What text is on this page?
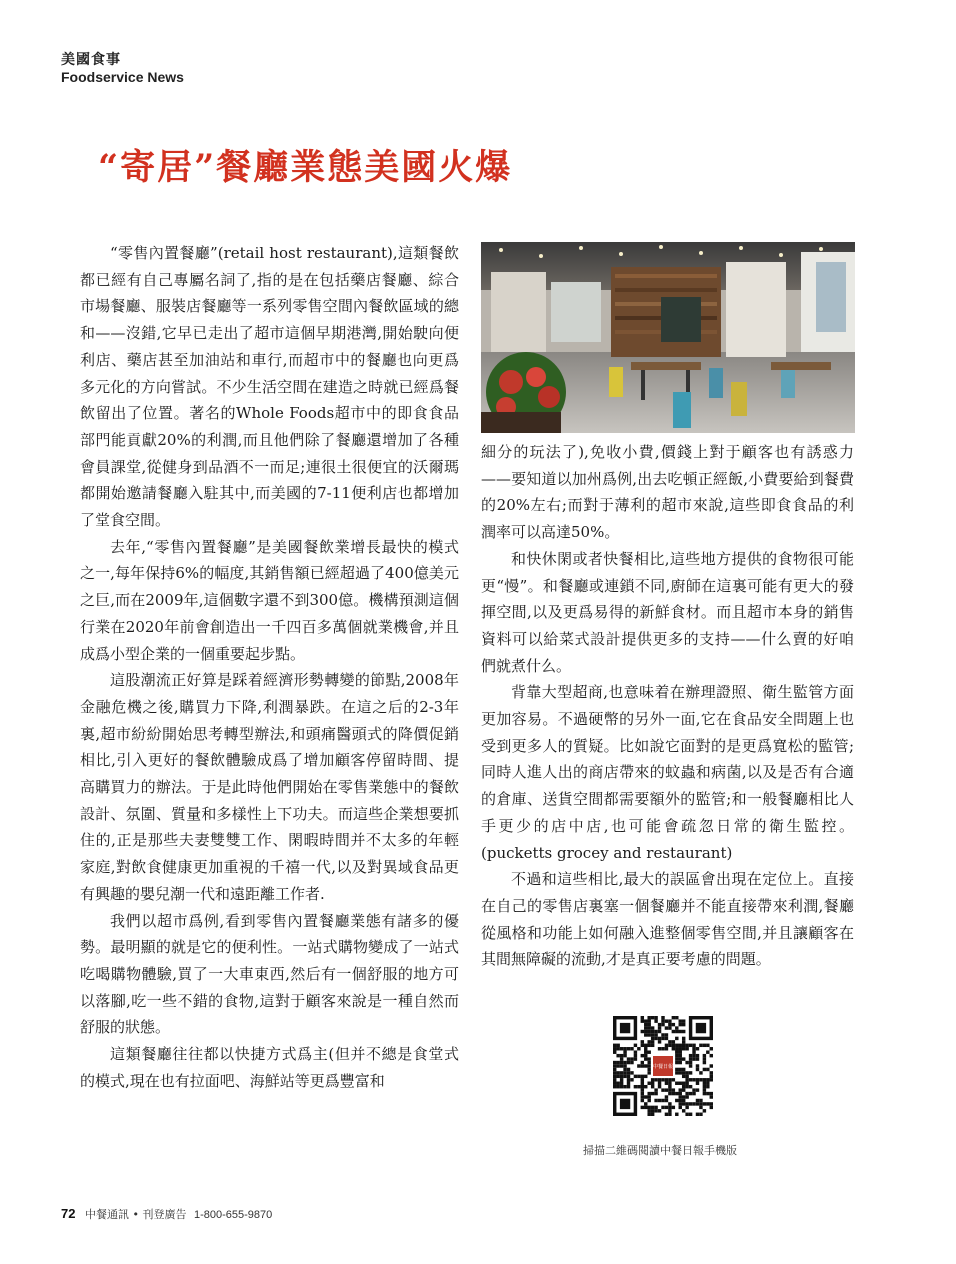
美國食事
Foodservice News
“寄居”餐廳業態美國火爆

“零售內置餐廳”(retail host restaurant),這類餐飲都已經有自己專屬名詞了,指的是在包括藥店餐廳、綜合市場餐廳、服裝店餐廳等一系列零售空間內餐飲區域的總和——沒錯,它早已走出了超市這個早期港灣,開始駛向便利店、藥店甚至加油站和車行,而超市中的餐廳也向更爲多元化的方向嘗試。不少生活空間在建造之時就已經爲餐飲留出了位置。著名的Whole Foods超市中的即食食品部門能貢獻20%的利潤,而且他們除了餐廳還增加了各種會員課堂,從健身到品酒不一而足;連很土很便宜的沃爾瑪都開始邀請餐廳入駐其中,而美國的7-11便利店也都增加了堂食空間。

去年,“零售內置餐廳”是美國餐飲業增長最快的模式之一,每年保持6%的幅度,其銷售額已經超過了400億美元之巨,而在2009年,這個數字還不到300億。機構預測這個行業在2020年前會創造出一千四百多萬個就業機會,并且成爲小型企業的一個重要起步點。

這股潮流正好算是踩着經濟形勢轉變的節點,2008年金融危機之後,購買力下降,利潤暴跌。在這之后的2-3年裏,超市紛紛開始思考轉型辦法,和頭痛醫頭式的降價促銷相比,引入更好的餐飲體驗成爲了增加顧客停留時間、提高購買力的辦法。于是此時他們開始在零售業態中的餐飲設計、氛圍、質量和多樣性上下功夫。而這些企業想要抓住的,正是那些夫妻雙雙工作、閑暇時間并不太多的年輕家庭,對飲食健康更加重視的千禧一代,以及對異域食品更有興趣的嬰兒潮一代和遠距離工作者.

我們以超市爲例,看到零售內置餐廳業態有諸多的優勢。最明顯的就是它的便利性。一站式購物變成了一站式吃喝購物體驗,買了一大車東西,然后有一個舒服的地方可以落腳,吃一些不錯的食物,這對于顧客來說是一種自然而舒服的狀態。

這類餐廳往往都以快捷方式爲主(但并不總是食堂式的模式,現在也有拉面吧、海鮮站等更爲豐富和

細分的玩法了),免收小費,價錢上對于顧客也有誘惑力——要知道以加州爲例,出去吃頓正經飯,小費要給到餐費的20%左右;而對于薄利的超市來說,這些即食食品的利潤率可以高達50%。

和快休閑或者快餐相比,這些地方提供的食物很可能更“慢”。和餐廳或連鎖不同,廚師在這裏可能有更大的發揮空間,以及更爲易得的新鮮食材。而且超市本身的銷售資料可以給菜式設計提供更多的支持——什么賣的好咱們就煮什么。

背靠大型超商,也意味着在辦理證照、衛生監管方面更加容易。不過硬幣的另外一面,它在食品安全問題上也受到更多人的質疑。比如說它面對的是更爲寬松的監管;同時人進人出的商店帶來的蚊蟲和病菌,以及是否有合適的倉庫、送貨空間都需要額外的監管;和一般餐廳相比人手更少的店中店,也可能會疏忽日常的衛生監控。(pucketts grocey and restaurant)

不過和這些相比,最大的誤區會出現在定位上。直接在自己的零售店裏塞一個餐廳并不能直接帶來利潤,餐廳從風格和功能上如何融入進整個零售空間,并且讓顧客在其間無障礙的流動,才是真正要考慮的問題。

中餐日報
掃描二維碼閱讀中餐日報手機版
72 中餐通訊 • 刊登廣告 1-800-655-9870
